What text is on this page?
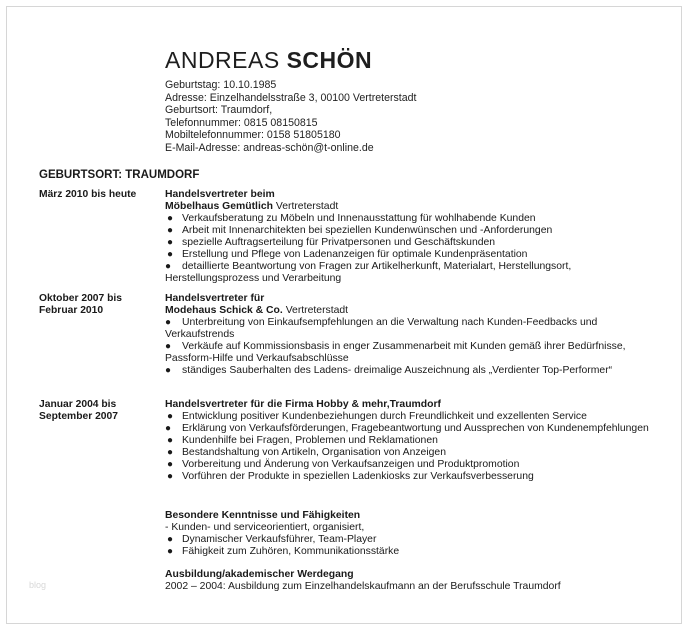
ANDREAS SCHÖN
Geburtstag: 10.10.1985
Adresse: Einzelhandelsstraße 3, 00100 Vertreterstadt
Geburtsort: Traumdorf,
Telefonnummer: 0815 08150815
Mobiltelefonnummer: 0158 51805180
E-Mail-Adresse: andreas-schön@t-online.de
GEBURTSORT: TRAUMDORF
März 2010 bis heute	Handelsvertreter beim
Möbelhaus Gemütlich Vertreterstadt
● Verkaufsberatung zu Möbeln und Innenausstattung für wohlhabende Kunden
● Arbeit mit Innenarchitekten bei speziellen Kundenwünschen und -Anforderungen
● spezielle Auftragserteilung für Privatpersonen und Geschäftskunden
● Erstellung und Pflege von Ladenanzeigen für optimale Kundenpräsentation
● detaillierte Beantwortung von Fragen zur Artikelherkunft, Materialart, Herstellungsort, Herstellungsprozess und Verarbeitung
Oktober 2007 bis Februar 2010
Handelsvertreter für
Modehaus Schick & Co. Vertreterstadt
● Unterbreitung von Einkaufsempfehlungen an die Verwaltung nach Kunden-Feedbacks und Verkaufstrends
● Verkäufe auf Kommissionsbasis in enger Zusammenarbeit mit Kunden gemäß ihrer Bedürfnisse, Passform-Hilfe und Verkaufsabschlüsse
● ständiges Sauberhalten des Ladens- dreimalige Auszeichnung als „Verdienter Top-Performer“
Januar 2004 bis September 2007
Handelsvertreter für die Firma Hobby & mehr,Traumdorf
● Entwicklung positiver Kundenbeziehungen durch Freundlichkeit und exzellenten Service
● Erklärung von Verkaufsförderungen, Fragebeantwortung und Aussprechen von Kundenempfehlungen
● Kundenhilfe bei Fragen, Problemen und Reklamationen
● Bestandshaltung von Artikeln, Organisation von Anzeigen
● Vorbereitung und Änderung von Verkaufsanzeigen und Produktpromotion
● Vorführen der Produkte in speziellen Ladenkiosks zur Verkaufsverbesserung
Besondere Kenntnisse und Fähigkeiten
- Kunden- und serviceorientiert, organisiert,
● Dynamischer Verkaufsführer, Team-Player
● Fähigkeit zum Zuhören, Kommunikationsstärke
Ausbildung/akademischer Werdegang
2002 – 2004: Ausbildung zum Einzelhandelskaufmann an der Berufsschule Traumdorf
blog
